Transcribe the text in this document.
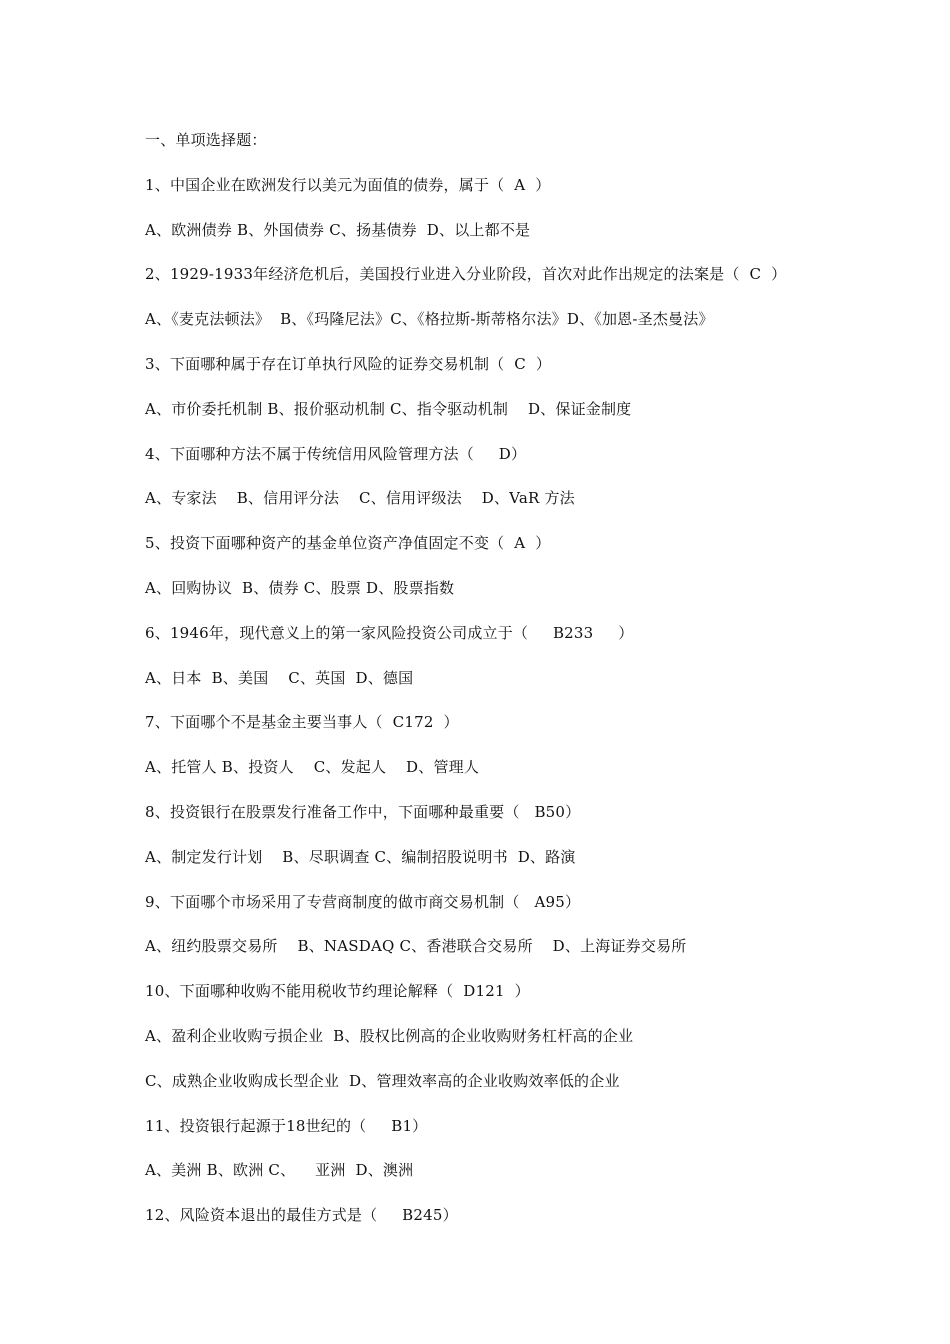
一、单项选择题：
1、中国企业在欧洲发行以美元为面值的债券，属于（  A  ）
A、欧洲债券 B、外国债券 C、扬基债券  D、以上都不是
2、1929-1933年经济危机后，美国投行业进入分业阶段，首次对此作出规定的法案是（  C  ）
A、《麦克法顿法》  B、《玛隆尼法》C、《格拉斯-斯蒂格尔法》D、《加恩-圣杰曼法》
3、下面哪种属于存在订单执行风险的证券交易机制（  C  ）
A、市价委托机制 B、报价驱动机制 C、指令驱动机制    D、保证金制度
4、下面哪种方法不属于传统信用风险管理方法（     D）
A、专家法    B、信用评分法    C、信用评级法    D、VaR 方法
5、投资下面哪种资产的基金单位资产净值固定不变（  A  ）
A、回购协议  B、债券 C、股票 D、股票指数
6、1946年，现代意义上的第一家风险投资公司成立于（     B233     ）
A、日本  B、美国    C、英国  D、德国
7、下面哪个不是基金主要当事人（  C172  ）
A、托管人 B、投资人    C、发起人    D、管理人
8、投资银行在股票发行准备工作中，下面哪种最重要（   B50）
A、制定发行计划    B、尽职调查 C、编制招股说明书  D、路演
9、下面哪个市场采用了专营商制度的做市商交易机制（   A95）
A、纽约股票交易所    B、NASDAQ C、香港联合交易所    D、上海证券交易所
10、下面哪种收购不能用税收节约理论解释（  D121  ）
A、盈利企业收购亏损企业  B、股权比例高的企业收购财务杠杆高的企业
C、成熟企业收购成长型企业  D、管理效率高的企业收购效率低的企业
11、投资银行起源于18世纪的（     B1）
A、美洲 B、欧洲 C、    亚洲  D、澳洲
12、风险资本退出的最佳方式是（     B245）
